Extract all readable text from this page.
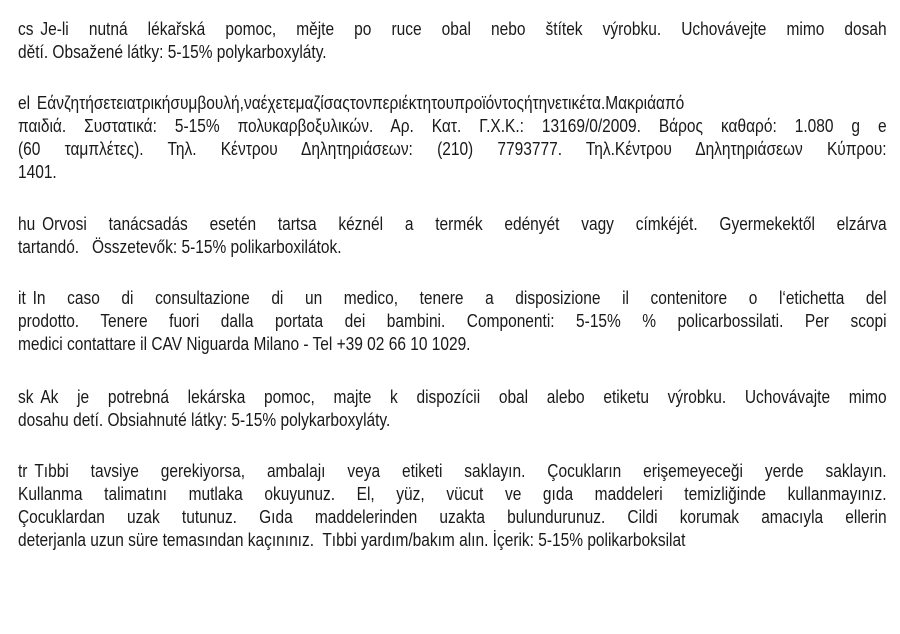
cs Je-li nutná lékařská pomoc, mějte po ruce obal nebo štítek výrobku. Uchovávejte mimo dosah
dětí. Obsažené látky: 5-15% polykarboxyláty.
el Εάνζητήσετειατρικήσυμβουλή,ναέχετεμαζίσαςτονπεριέκτητουπροϊόντοςήτηνετικέτα.Μακριάαπό
παιδιά. Συστατικά: 5-15% πολυκαρβοξυλικών. Αρ. Κατ. Γ.Χ.Κ.: 13169/0/2009. Βάρος καθαρό: 1.080 g e
(60 ταμπλέτες). Τηλ. Κέντρου Δηλητηριάσεων: (210) 7793777. Τηλ.Κέντρου Δηλητηριάσεων Κύπρου:
1401.
hu Orvosi tanácsadás esetén tartsa kéznél a termék edényét vagy címkéjét. Gyermekektől elzárva
tartandó.   Összetevők: 5-15% polikarboxilátok.
it In caso di consultazione di un medico, tenere a disposizione il contenitore o l‘etichetta del
prodotto. Tenere fuori dalla portata dei bambini. Componenti: 5-15% % policarbossilati. Per scopi
medici contattare il CAV Niguarda Milano - Tel +39 02 66 10 1029.
sk Ak je potrebná lekárska pomoc, majte k dispozícii obal alebo etiketu výrobku. Uchovávajte mimo
dosahu detí. Obsiahnuté látky: 5-15% polykarboxyláty.
tr Tıbbi tavsiye gerekiyorsa, ambalajı veya etiketi saklayın. Çocukların erişemeyeceği yerde saklayın.
Kullanma talimatını mutlaka okuyunuz. El, yüz, vücut ve gıda maddeleri temizliğinde kullanmayınız.
Çocuklardan uzak tutunuz. Gıda maddelerinden uzakta bulundurunuz. Cildi korumak amacıyla ellerin
deterjanla uzun süre temasından kaçınınız.  Tıbbi yardım/bakım alın. İçerik: 5-15% polikarboksilat
